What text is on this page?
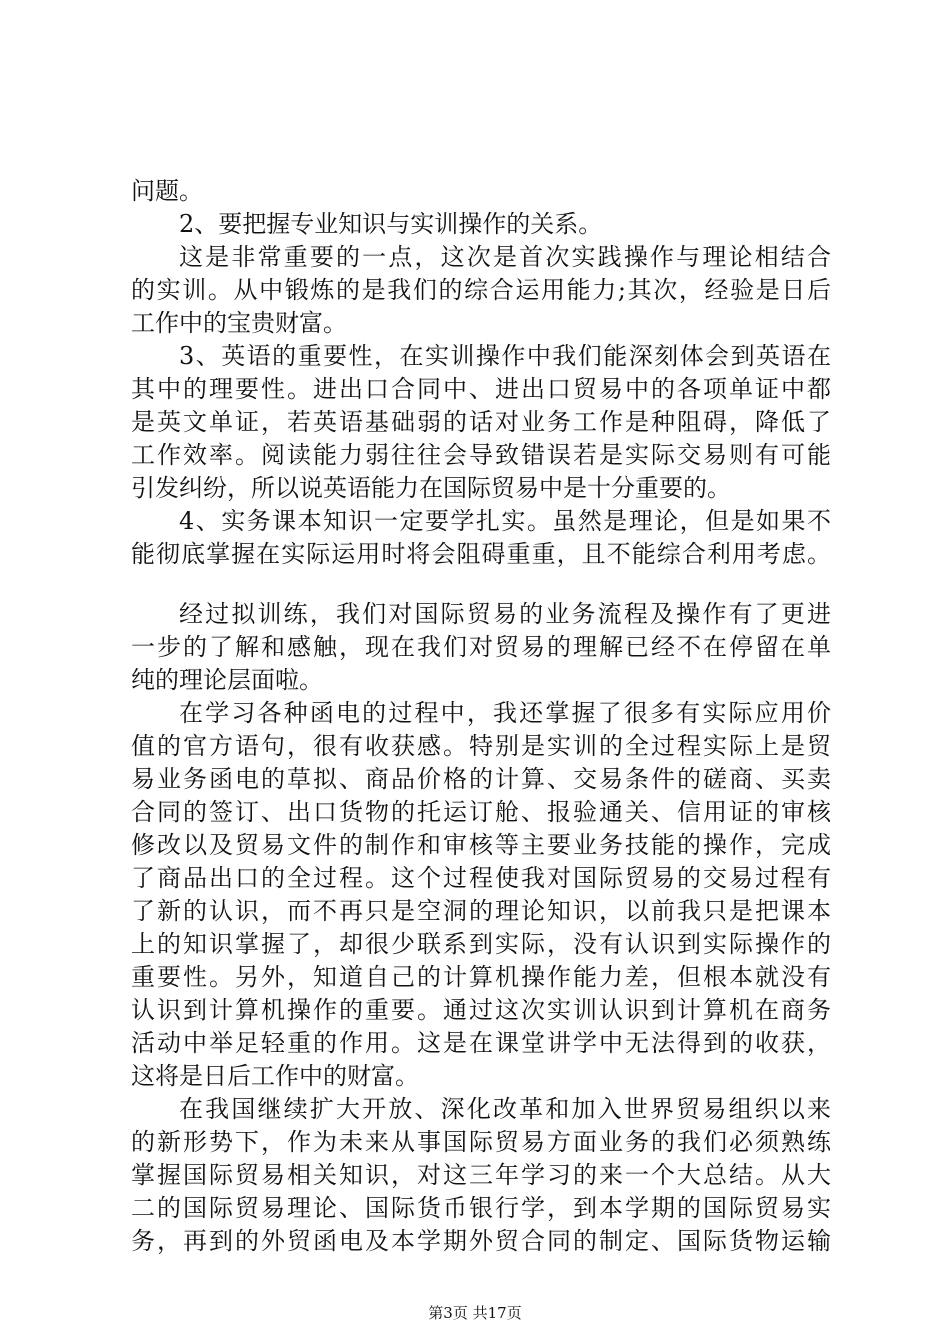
问题。
2、要把握专业知识与实训操作的关系。
这是非常重要的一点，这次是首次实践操作与理论相结合
的实训。从中锻炼的是我们的综合运用能力;其次，经验是日后
工作中的宝贵财富。
3、英语的重要性，在实训操作中我们能深刻体会到英语在
其中的理要性。进出口合同中、进出口贸易中的各项单证中都
是英文单证，若英语基础弱的话对业务工作是种阻碍，降低了
工作效率。阅读能力弱往往会导致错误若是实际交易则有可能
引发纠纷，所以说英语能力在国际贸易中是十分重要的。
4、实务课本知识一定要学扎实。虽然是理论，但是如果不
能彻底掌握在实际运用时将会阻碍重重，且不能综合利用考虑。
经过拟训练，我们对国际贸易的业务流程及操作有了更进
一步的了解和感触，现在我们对贸易的理解已经不在停留在单
纯的理论层面啦。
在学习各种函电的过程中，我还掌握了很多有实际应用价
值的官方语句，很有收获感。特别是实训的全过程实际上是贸
易业务函电的草拟、商品价格的计算、交易条件的磋商、买卖
合同的签订、出口货物的托运订舱、报验通关、信用证的审核
修改以及贸易文件的制作和审核等主要业务技能的操作，完成
了商品出口的全过程。这个过程使我对国际贸易的交易过程有
了新的认识，而不再只是空洞的理论知识，以前我只是把课本
上的知识掌握了，却很少联系到实际，没有认识到实际操作的
重要性。另外，知道自己的计算机操作能力差，但根本就没有
认识到计算机操作的重要。通过这次实训认识到计算机在商务
活动中举足轻重的作用。这是在课堂讲学中无法得到的收获，
这将是日后工作中的财富。
在我国继续扩大开放、深化改革和加入世界贸易组织以来
的新形势下，作为未来从事国际贸易方面业务的我们必须熟练
掌握国际贸易相关知识，对这三年学习的来一个大总结。从大
二的国际贸易理论、国际货币银行学，到本学期的国际贸易实
务，再到的外贸函电及本学期外贸合同的制定、国际货物运输
第3页 共17页
